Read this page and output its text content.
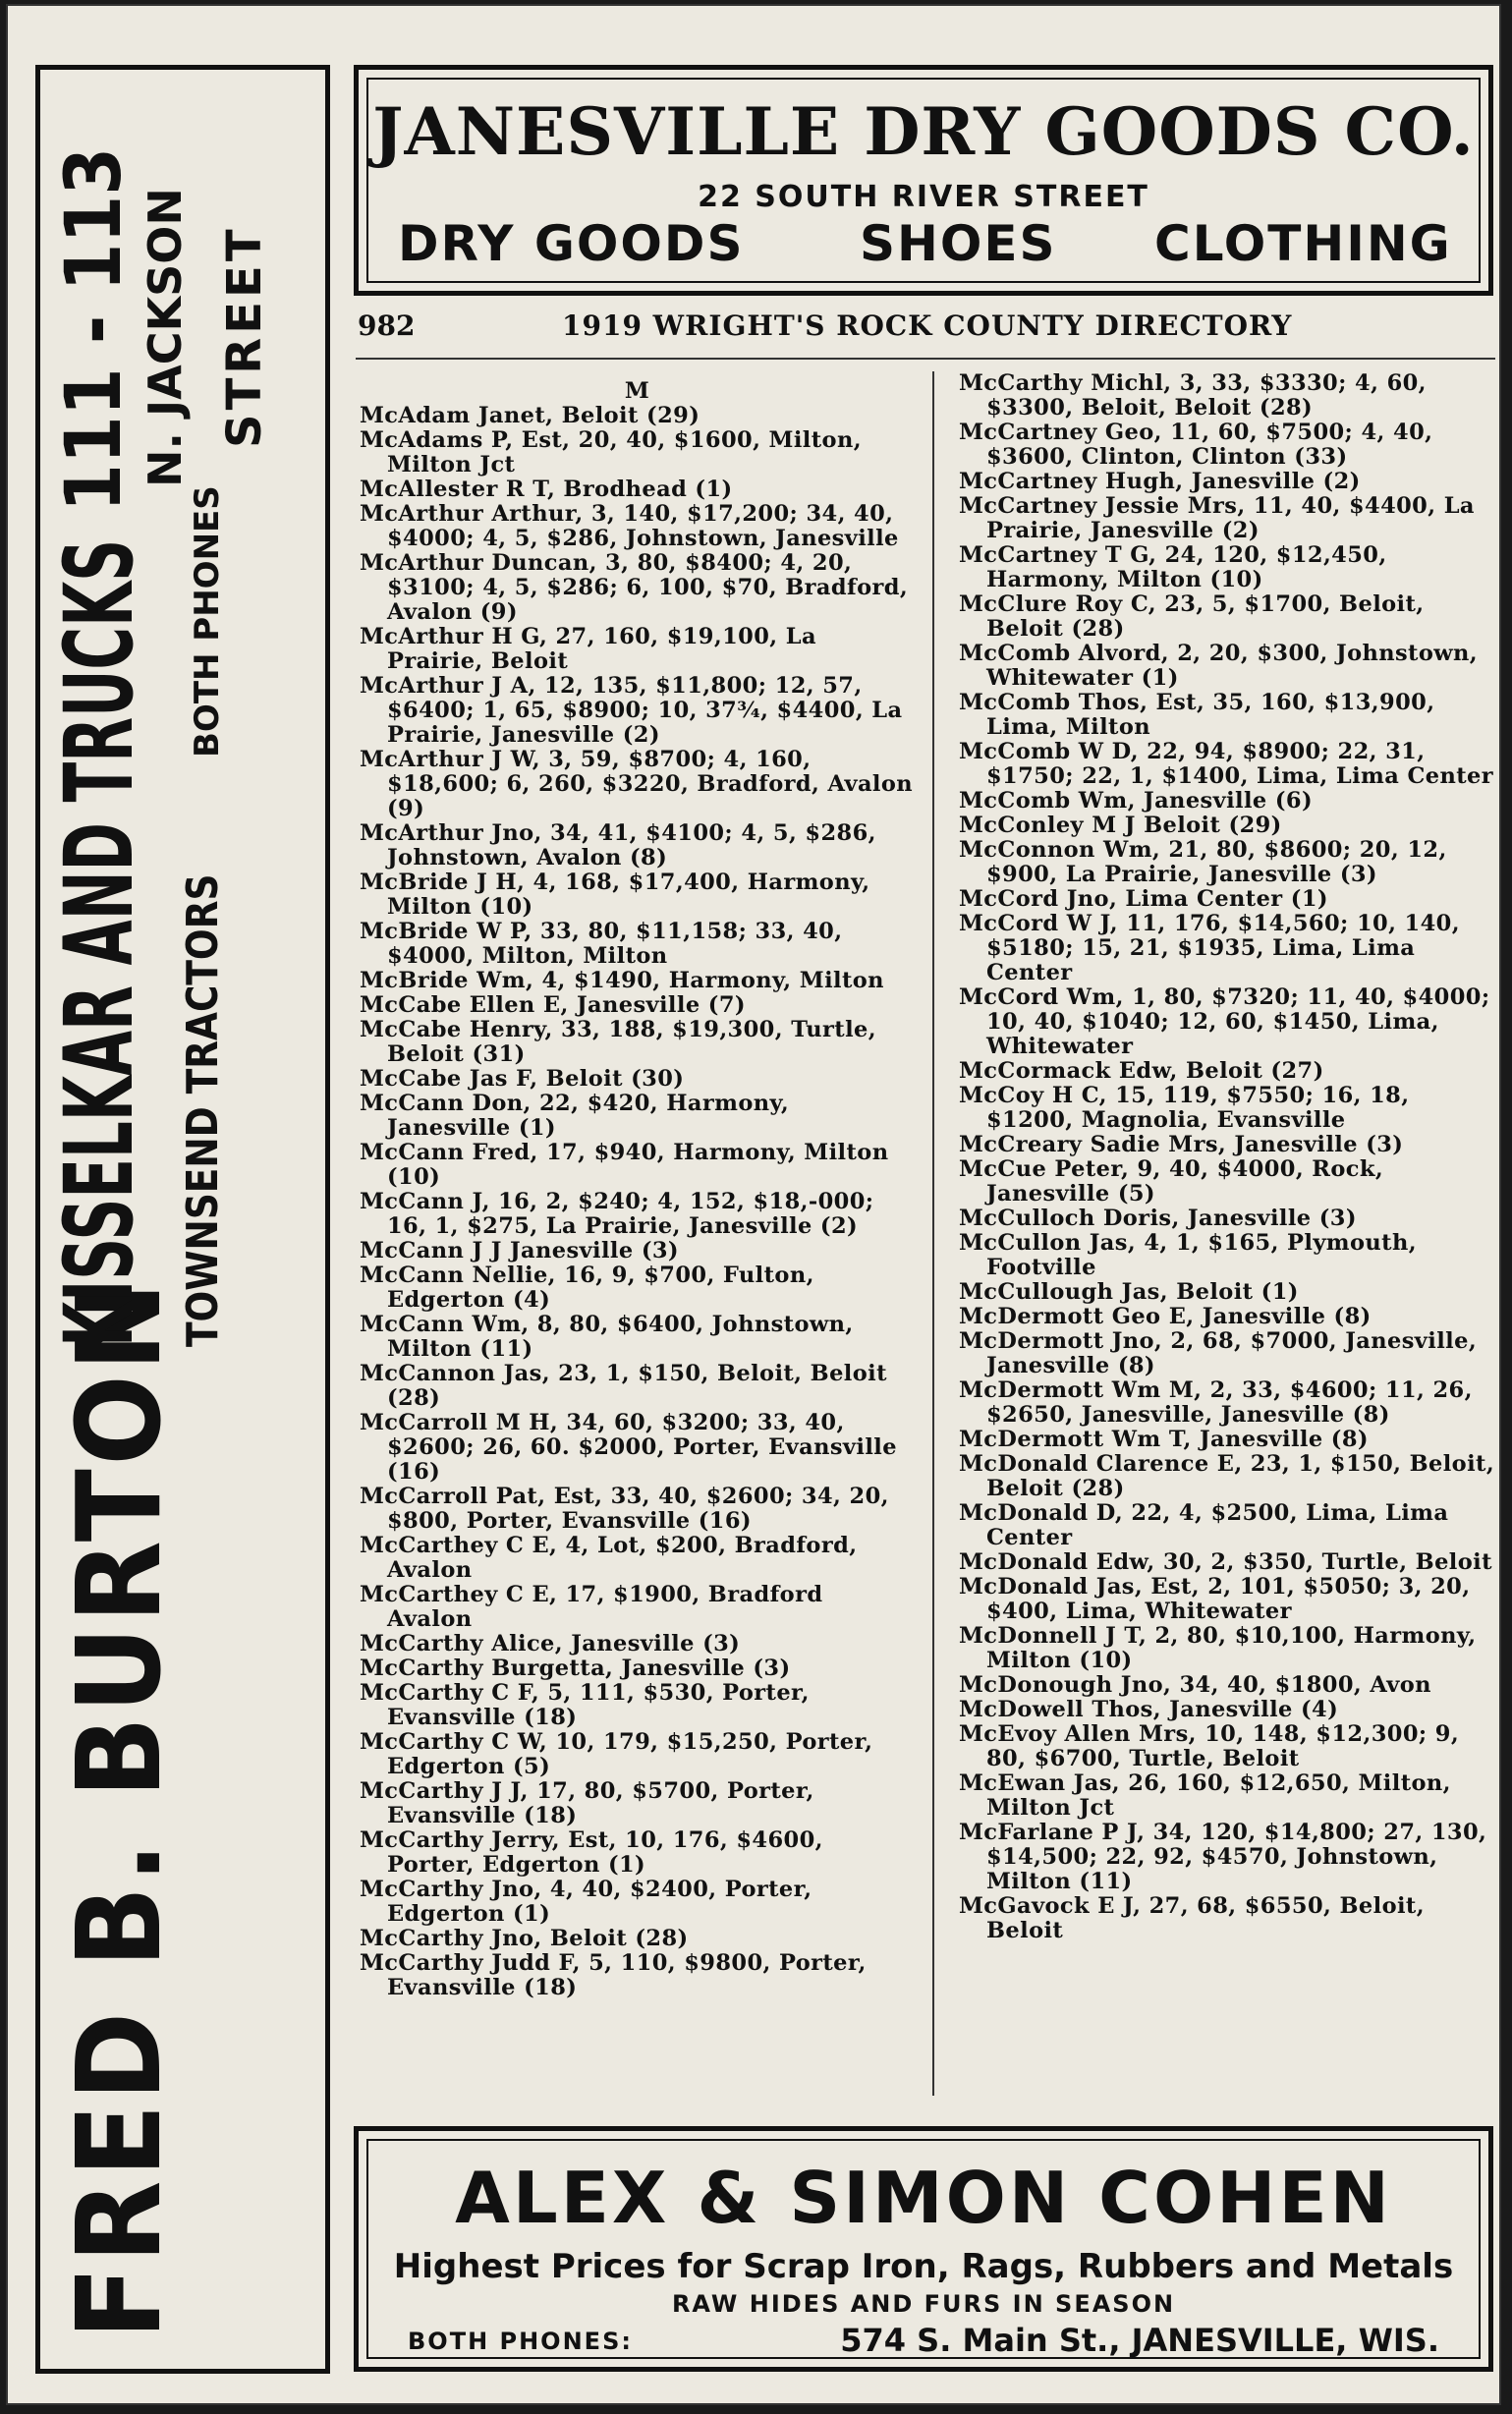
FRED B. BURTON
KISSELKAR AND TRUCKS TOWNSEND TRACTORS
BOTH PHONES
111 - 113 N. JACKSON STREET
JANESVILLE DRY GOODS CO.
22 SOUTH RIVER STREET
DRY GOODS SHOES CLOTHING
982	1919 WRIGHT'S ROCK COUNTY DIRECTORY
M
McAdam Janet, Beloit (29)
McAdams P, Est, 20, 40, $1600, Milton, Milton Jct
McAllester R T, Brodhead (1)
McArthur Arthur, 3, 140, $17,200; 34, 40, $4000; 4, 5, $286, Johnstown, Janesville
McArthur Duncan, 3, 80, $8400; 4, 20, $3100; 4, 5, $286; 6, 100, $70, Bradford, Avalon (9)
McArthur H G, 27, 160, $19,100, La Prairie, Beloit
McArthur J A, 12, 135, $11,800; 12, 57, $6400; 1, 65, $8900; 10, 37¾, $4400, La Prairie, Janesville (2)
McArthur J W, 3, 59, $8700; 4, 160, $18,600; 6, 260, $3220, Bradford, Avalon (9)
McArthur Jno, 34, 41, $4100; 4, 5, $286, Johnstown, Avalon (8)
McBride J H, 4, 168, $17,400, Harmony, Milton (10)
McBride W P, 33, 80, $11,158; 33, 40, $4000, Milton, Milton
McBride Wm, 4, $1490, Harmony, Milton
McCabe Ellen E, Janesville (7)
McCabe Henry, 33, 188, $19,300, Turtle, Beloit (31)
McCabe Jas F, Beloit (30)
McCann Don, 22, $420, Harmony, Janesville (1)
McCann Fred, 17, $940, Harmony, Milton (10)
McCann J, 16, 2, $240; 4, 152, $18,-000; 16, 1, $275, La Prairie, Janesville (2)
McCann J J Janesville (3)
McCann Nellie, 16, 9, $700, Fulton, Edgerton (4)
McCann Wm, 8, 80, $6400, Johnstown, Milton (11)
McCannon Jas, 23, 1, $150, Beloit, Beloit (28)
McCarroll M H, 34, 60, $3200; 33, 40, $2600; 26, 60. $2000, Porter, Evansville (16)
McCarroll Pat, Est, 33, 40, $2600; 34, 20, $800, Porter, Evansville (16)
McCarthey C E, 4, Lot, $200, Bradford, Avalon
McCarthey C E, 17, $1900, Bradford Avalon
McCarthy Alice, Janesville (3)
McCarthy Burgetta, Janesville (3)
McCarthy C F, 5, 111, $530, Porter, Evansville (18)
McCarthy C W, 10, 179, $15,250, Porter, Edgerton (5)
McCarthy J J, 17, 80, $5700, Porter, Evansville (18)
McCarthy Jerry, Est, 10, 176, $4600, Porter, Edgerton (1)
McCarthy Jno, 4, 40, $2400, Porter, Edgerton (1)
McCarthy Jno, Beloit (28)
McCarthy Judd F, 5, 110, $9800, Porter, Evansville (18)
McCarthy Michl, 3, 33, $3330; 4, 60, $3300, Beloit, Beloit (28)
McCartney Geo, 11, 60, $7500; 4, 40, $3600, Clinton, Clinton (33)
McCartney Hugh, Janesville (2)
McCartney Jessie Mrs, 11, 40, $4400, La Prairie, Janesville (2)
McCartney T G, 24, 120, $12,450, Harmony, Milton (10)
McClure Roy C, 23, 5, $1700, Beloit, Beloit (28)
McComb Alvord, 2, 20, $300, Johnstown, Whitewater (1)
McComb Thos, Est, 35, 160, $13,900, Lima, Milton
McComb W D, 22, 94, $8900; 22, 31, $1750; 22, 1, $1400, Lima, Lima Center
McComb Wm, Janesville (6)
McConley M J Beloit (29)
McConnon Wm, 21, 80, $8600; 20, 12, $900, La Prairie, Janesville (3)
McCord Jno, Lima Center (1)
McCord W J, 11, 176, $14,560; 10, 140, $5180; 15, 21, $1935, Lima, Lima Center
McCord Wm, 1, 80, $7320; 11, 40, $4000; 10, 40, $1040; 12, 60, $1450, Lima, Whitewater
McCormack Edw, Beloit (27)
McCoy H C, 15, 119, $7550; 16, 18, $1200, Magnolia, Evansville
McCreary Sadie Mrs, Janesville (3)
McCue Peter, 9, 40, $4000, Rock, Janesville (5)
McCulloch Doris, Janesville (3)
McCullon Jas, 4, 1, $165, Plymouth, Footville
McCullough Jas, Beloit (1)
McDermott Geo E, Janesville (8)
McDermott Jno, 2, 68, $7000, Janesville, Janesville (8)
McDermott Wm M, 2, 33, $4600; 11, 26, $2650, Janesville, Janesville (8)
McDermott Wm T, Janesville (8)
McDonald Clarence E, 23, 1, $150, Beloit, Beloit (28)
McDonald D, 22, 4, $2500, Lima, Lima Center
McDonald Edw, 30, 2, $350, Turtle, Beloit
McDonald Jas, Est, 2, 101, $5050; 3, 20, $400, Lima, Whitewater
McDonnell J T, 2, 80, $10,100, Harmony, Milton (10)
McDonough Jno, 34, 40, $1800, Avon
McDowell Thos, Janesville (4)
McEvoy Allen Mrs, 10, 148, $12,300; 9, 80, $6700, Turtle, Beloit
McEwan Jas, 26, 160, $12,650, Milton, Milton Jct
McFarlane P J, 34, 120, $14,800; 27, 130, $14,500; 22, 92, $4570, Johnstown, Milton (11)
McGavock E J, 27, 68, $6550, Beloit, Beloit
ALEX & SIMON COHEN
Highest Prices for Scrap Iron, Rags, Rubbers and Metals
RAW HIDES AND FURS IN SEASON
BOTH PHONES:	574 S. Main St., JANESVILLE, WIS.
